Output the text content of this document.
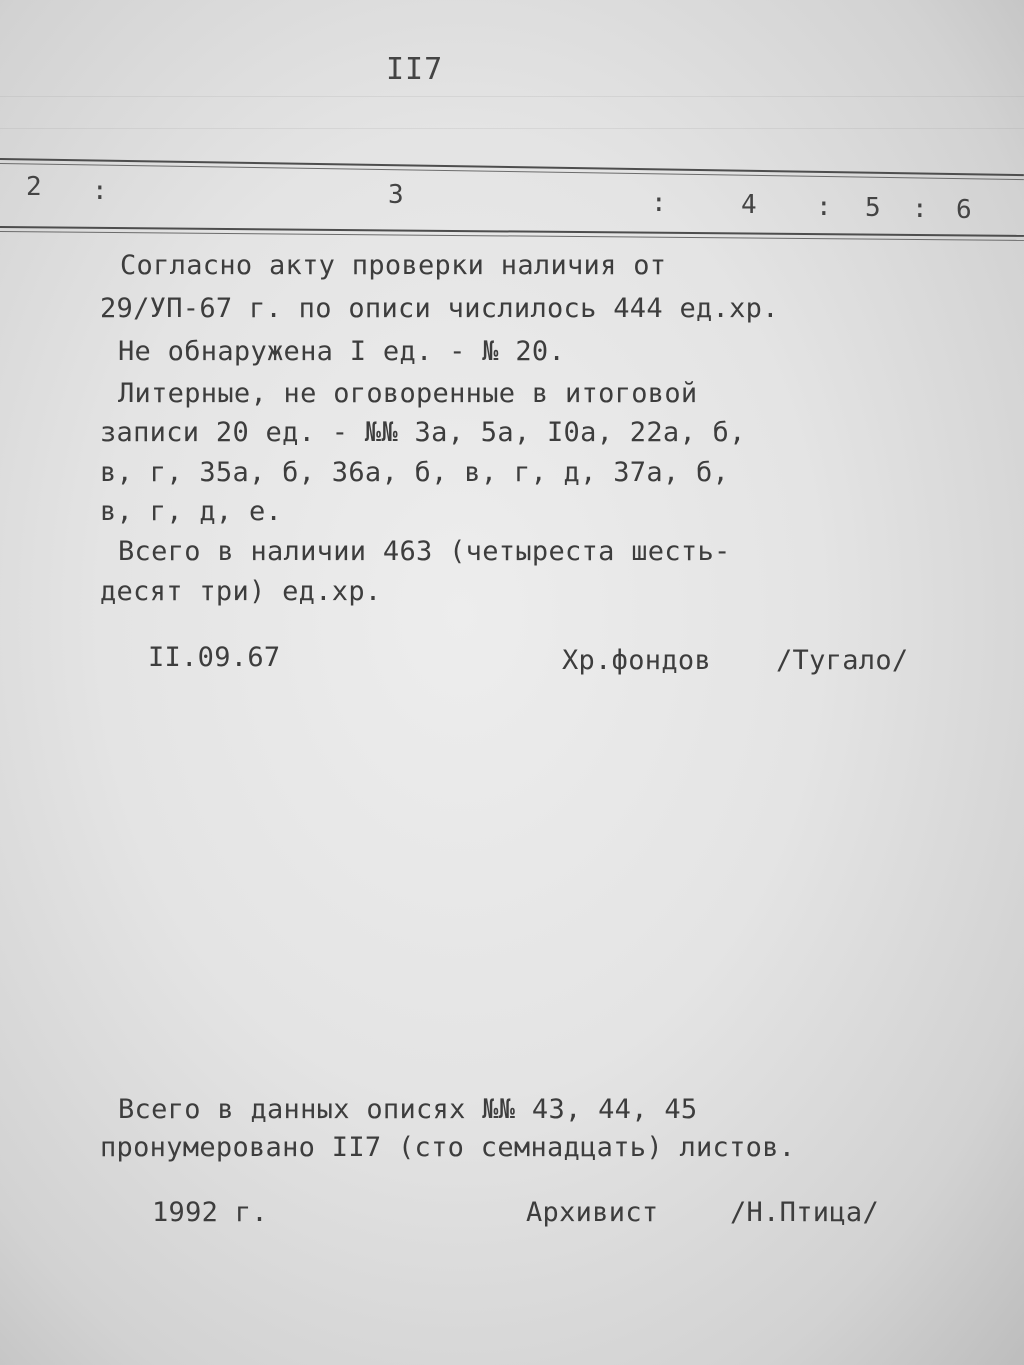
II7
2 :	3	:	4 : 5 : 6

Согласно акту проверки наличия от

29/УП-67 г. по описи числилось 444 ед.хр.

Не обнаружена I ед. - № 20.

Литерные, не оговоренные в итоговой

записи 20 ед. - №№ 3а, 5а, I0а, 22а, б,

в, г, 35а, б, 36а, б, в, г, д, 37а, б,

в, г, д, е.

Всего в наличии 463 (четыреста шесть-

десят три) ед.хр.

II.09.67

	Хр.фондов

/Тугало/

Всего в данных описях №№ 43, 44, 45

пронумеровано II7 (сто семнадцать) листов.

1992 г.

	Архивист

	/Н.Птица/
